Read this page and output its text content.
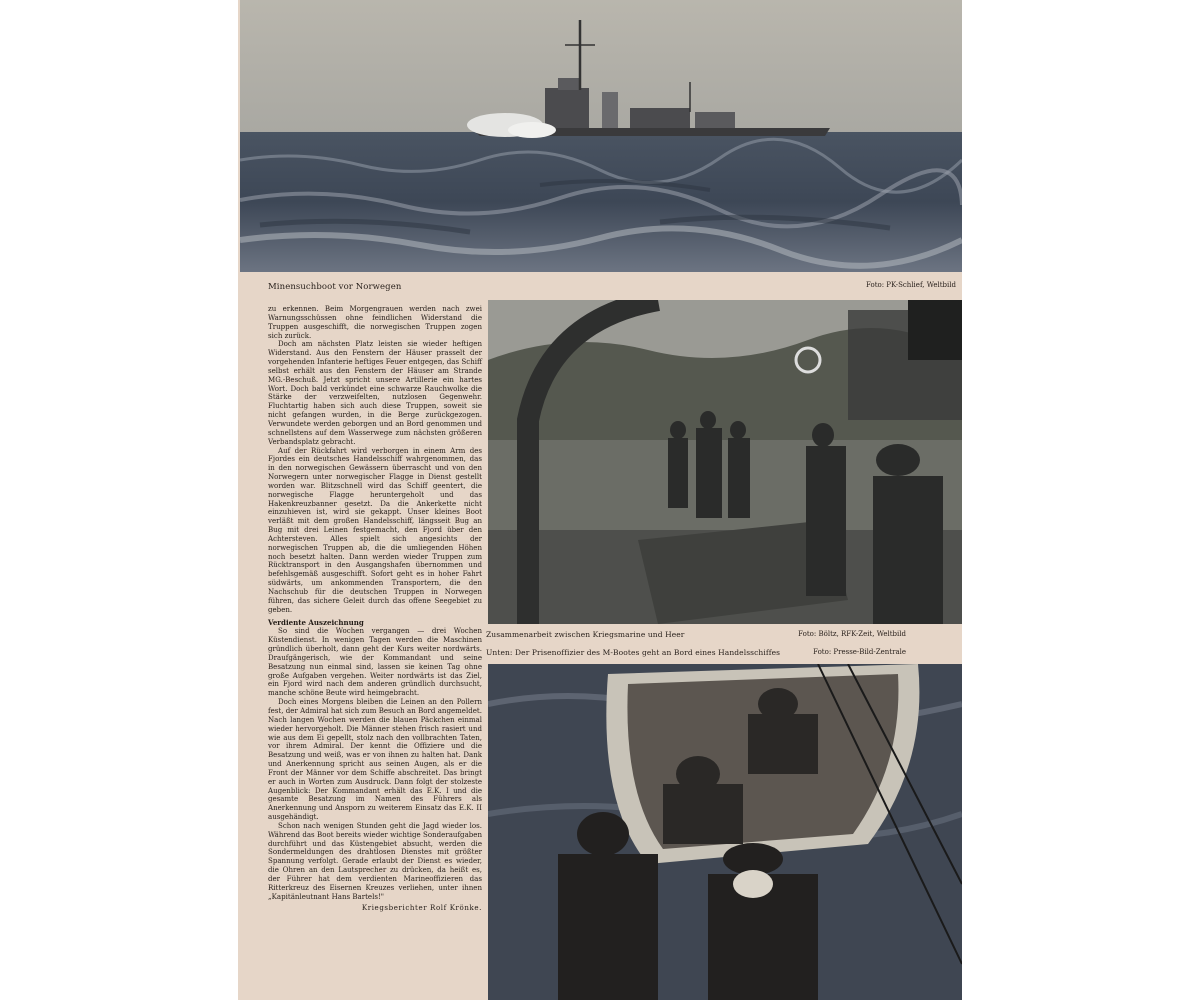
Minensuchboot vor Norwegen	Foto: PK-Schlief, Weltbild

zu erkennen. Beim Morgengrauen werden nach zwei Warnungsschüssen ohne feindlichen Widerstand die Truppen ausgeschifft, die norwegischen Truppen zogen sich zurück.

Doch am nächsten Platz leisten sie wieder heftigen Widerstand. Aus den Fenstern der Häuser prasselt der vorgehenden Infanterie heftiges Feuer entgegen, das Schiff selbst erhält aus den Fenstern der Häuser am Strande MG.-Beschuß. Jetzt spricht unsere Artillerie ein hartes Wort. Doch bald verkündet eine schwarze Rauchwolke die Stärke der verzweifelten, nutzlosen Gegenwehr. Fluchtartig haben sich auch diese Truppen, soweit sie nicht gefangen wurden, in die Berge zurückgezogen. Verwundete werden geborgen und an Bord genommen und schnellstens auf dem Wasserwege zum nächsten größeren Verbandsplatz gebracht.

Auf der Rückfahrt wird verborgen in einem Arm des Fjordes ein deutsches Handelsschiff wahrgenommen, das in den norwegischen Gewässern überrascht und von den Norwegern unter norwegischer Flagge in Dienst gestellt worden war. Blitzschnell wird das Schiff geentert, die norwegische Flagge heruntergeholt und das Hakenkreuzbanner gesetzt. Da die Ankerkette nicht einzuhieven ist, wird sie gekappt. Unser kleines Boot verläßt mit dem großen Handelsschiff, längsseit Bug an Bug mit drei Leinen festgemacht, den Fjord über den Achtersteven. Alles spielt sich angesichts der norwegischen Truppen ab, die die umliegenden Höhen noch besetzt halten. Dann werden wieder Truppen zum Rücktransport in den Ausgangshafen übernommen und befehlsgemäß ausgeschifft. Sofort geht es in hoher Fahrt südwärts, um ankommenden Transportern, die den Nachschub für die deutschen Truppen in Norwegen führen, das sichere Geleit durch das offene Seegebiet zu geben.

Verdiente Auszeichnung

So sind die Wochen vergangen — drei Wochen Küstendienst. In wenigen Tagen werden die Maschinen gründlich überholt, dann geht der Kurs weiter nordwärts. Draufgängerisch, wie der Kommandant und seine Besatzung nun einmal sind, lassen sie keinen Tag ohne große Aufgaben vergehen. Weiter nordwärts ist das Ziel, ein Fjord wird nach dem anderen gründlich durchsucht, manche schöne Beute wird heimgebracht.

Doch eines Morgens bleiben die Leinen an den Pollern fest, der Admiral hat sich zum Besuch an Bord angemeldet. Nach langen Wochen werden die blauen Päckchen einmal wieder hervorgeholt. Die Männer stehen frisch rasiert und wie aus dem Ei gepellt, stolz nach den vollbrachten Taten, vor ihrem Admiral. Der kennt die Offiziere und die Besatzung und weiß, was er von ihnen zu halten hat. Dank und Anerkennung spricht aus seinen Augen, als er die Front der Männer vor dem Schiffe abschreitet. Das bringt er auch in Worten zum Ausdruck. Dann folgt der stolzeste Augenblick: Der Kommandant erhält das E.K. I und die gesamte Besatzung im Namen des Führers als Anerkennung und Ansporn zu weiterem Einsatz das E.K. II ausgehändigt.

Schon nach wenigen Stunden geht die Jagd wieder los. Während das Boot bereits wieder wichtige Sonderaufgaben durchführt und das Küstengebiet absucht, werden die Sondermeldungen des drahtlosen Dienstes mit größter Spannung verfolgt. Gerade erlaubt der Dienst es wieder, die Ohren an den Lautsprecher zu drücken, da heißt es, der Führer hat dem verdienten Marineoffizieren das Ritterkreuz des Eisernen Kreuzes verliehen, unter ihnen „Kapitänleutnant Hans Bartels!"

Kriegsberichter Rolf Krönke.

Zusammenarbeit zwischen Kriegsmarine und Heer	Foto: Böltz, RFK-Zeit, Weltbild
Unten: Der Prisenoffizier des M-Bootes geht an Bord eines Handelsschiffes	Foto: Presse-Bild-Zentrale
